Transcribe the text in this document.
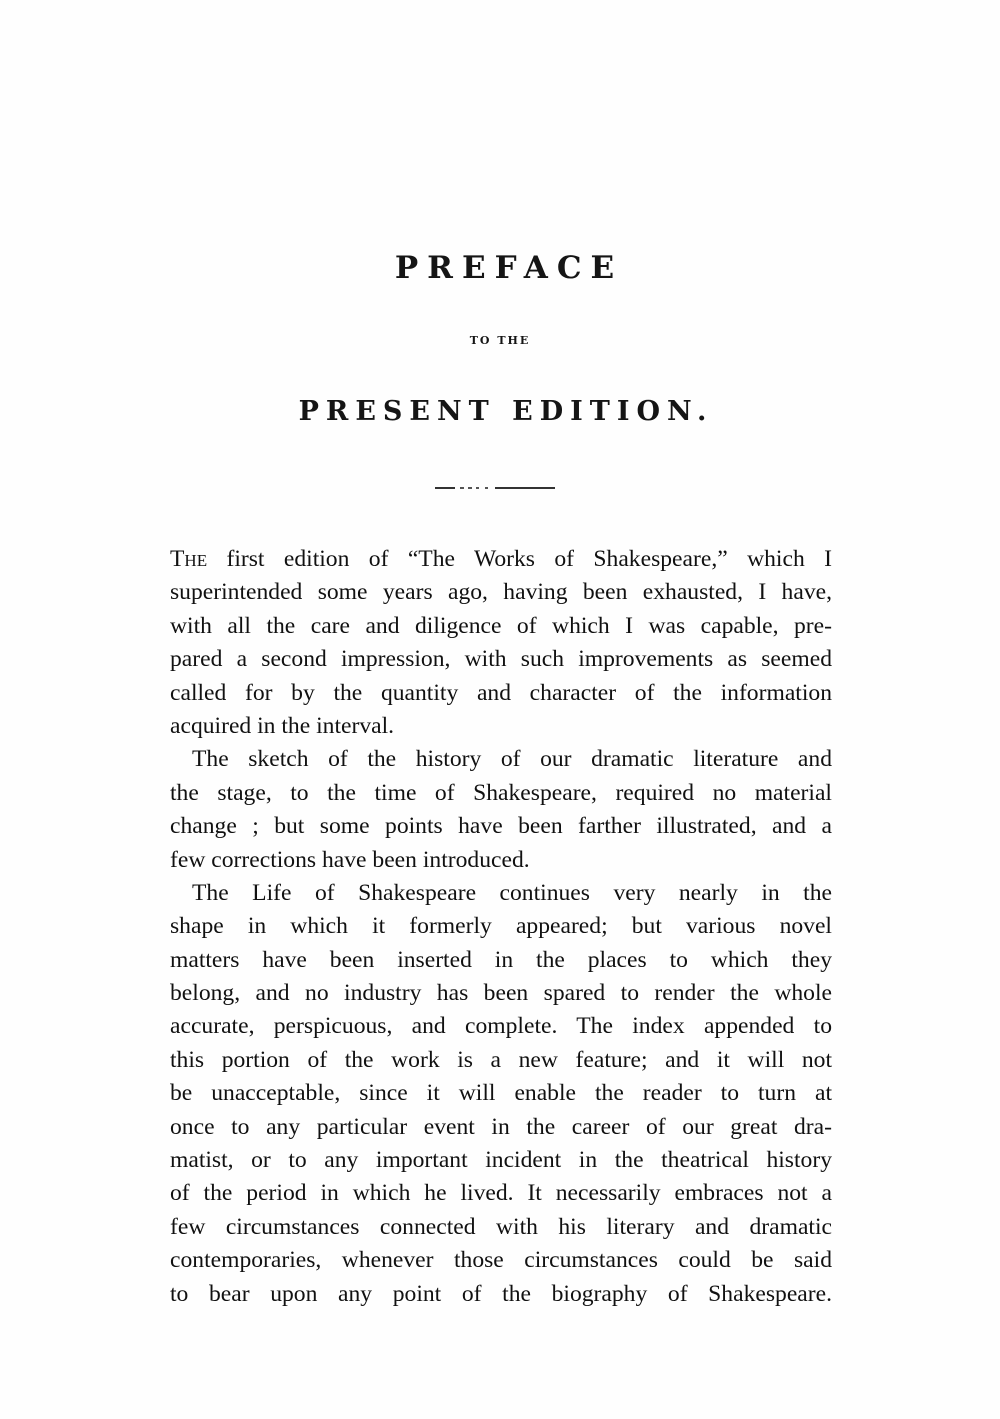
PREFACE
TO THE
PRESENT EDITION.
The first edition of “The Works of Shakespeare,” which I
superintended some years ago, having been exhausted, I have,
with all the care and diligence of which I was capable, pre-
pared a second impression, with such improvements as seemed
called for by the quantity and character of the information
acquired in the interval.
The sketch of the history of our dramatic literature and
the stage, to the time of Shakespeare, required no material
change ; but some points have been farther illustrated, and a
few corrections have been introduced.
The Life of Shakespeare continues very nearly in the
shape in which it formerly appeared; but various novel
matters have been inserted in the places to which they
belong, and no industry has been spared to render the whole
accurate, perspicuous, and complete. The index appended to
this portion of the work is a new feature; and it will not
be unacceptable, since it will enable the reader to turn at
once to any particular event in the career of our great dra-
matist, or to any important incident in the theatrical history
of the period in which he lived. It necessarily embraces not a
few circumstances connected with his literary and dramatic
contemporaries, whenever those circumstances could be said
to bear upon any point of the biography of Shakespeare.
